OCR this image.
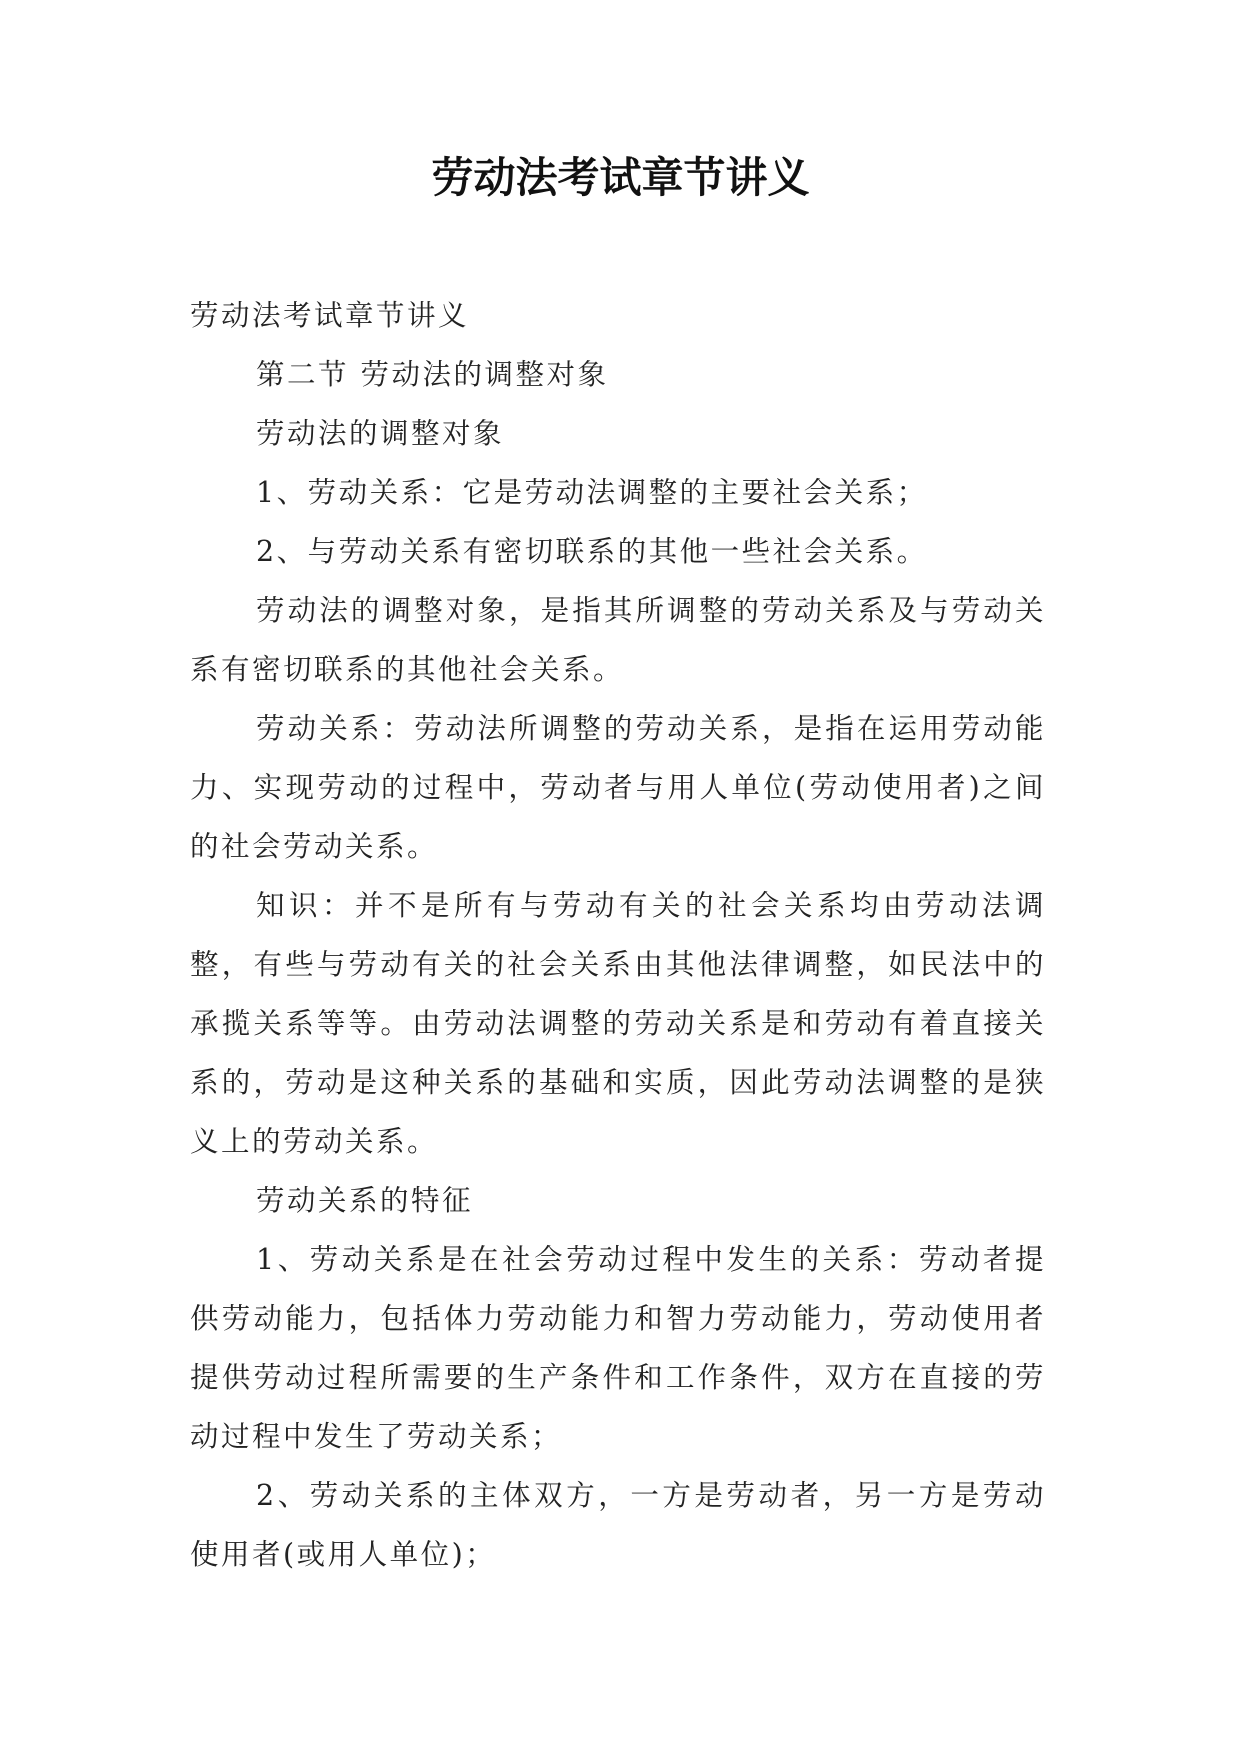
劳动法考试章节讲义

劳动法考试章节讲义

第二节 劳动法的调整对象

劳动法的调整对象

1、劳动关系：它是劳动法调整的主要社会关系；

2、与劳动关系有密切联系的其他一些社会关系。

劳动法的调整对象，是指其所调整的劳动关系及与劳动关系有密切联系的其他社会关系。

劳动关系：劳动法所调整的劳动关系，是指在运用劳动能力、实现劳动的过程中，劳动者与用人单位(劳动使用者)之间的社会劳动关系。

知识：并不是所有与劳动有关的社会关系均由劳动法调整，有些与劳动有关的社会关系由其他法律调整，如民法中的承揽关系等等。由劳动法调整的劳动关系是和劳动有着直接关系的，劳动是这种关系的基础和实质，因此劳动法调整的是狭义上的劳动关系。

劳动关系的特征

1、劳动关系是在社会劳动过程中发生的关系：劳动者提供劳动能力，包括体力劳动能力和智力劳动能力，劳动使用者提供劳动过程所需要的生产条件和工作条件，双方在直接的劳动过程中发生了劳动关系；

2、劳动关系的主体双方，一方是劳动者，另一方是劳动使用者(或用人单位)；
